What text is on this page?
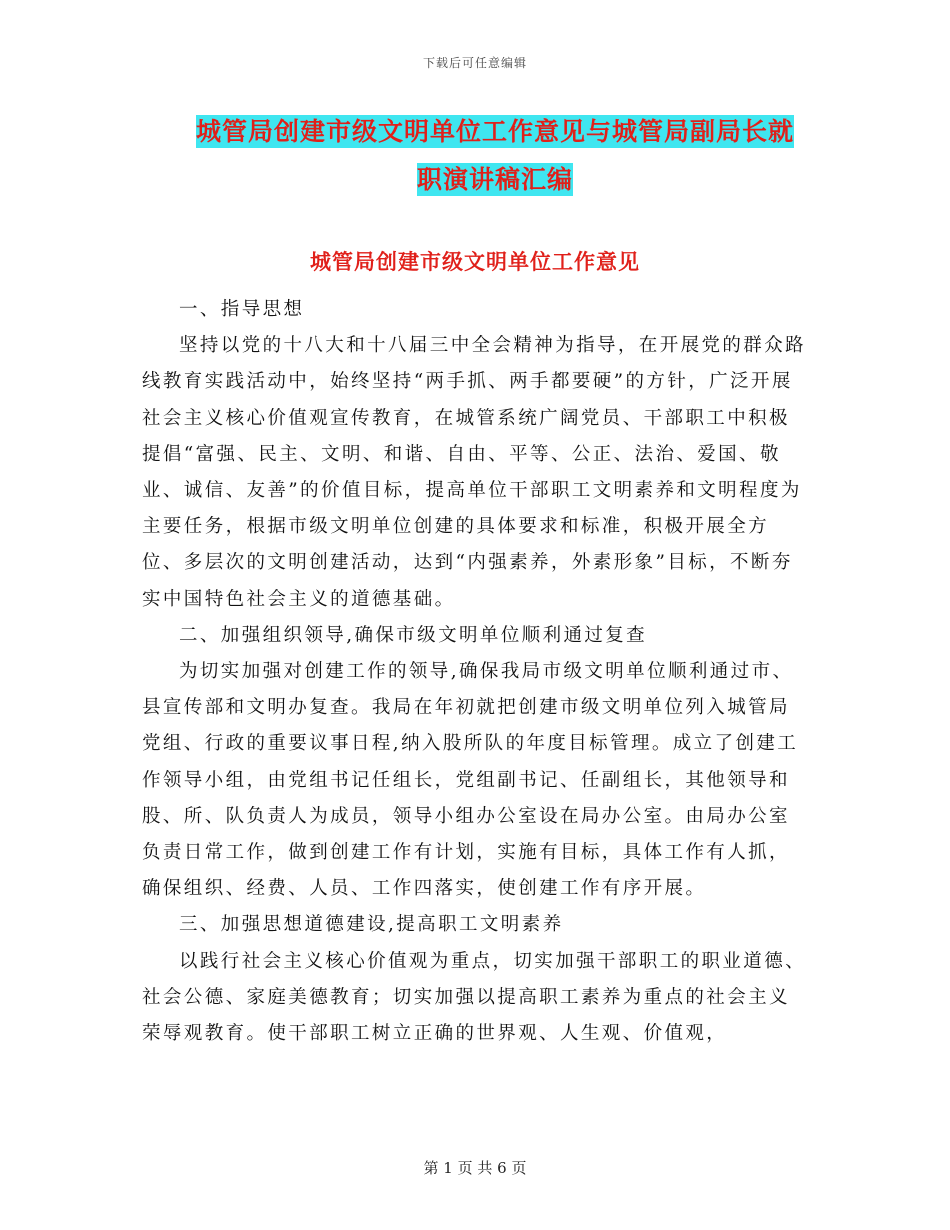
下载后可任意编辑
城管局创建市级文明单位工作意见与城管局副局长就
职演讲稿汇编
城管局创建市级文明单位工作意见

一、指导思想

坚持以党的十八大和十八届三中全会精神为指导，在开展党的群众路线教育实践活动中，始终坚持“两手抓、两手都要硬”的方针，广泛开展社会主义核心价值观宣传教育，在城管系统广阔党员、干部职工中积极提倡“富强、民主、文明、和谐、自由、平等、公正、法治、爱国、敬业、诚信、友善”的价值目标，提高单位干部职工文明素养和文明程度为主要任务，根据市级文明单位创建的具体要求和标准，积极开展全方位、多层次的文明创建活动，达到“内强素养，外素形象”目标，不断夯实中国特色社会主义的道德基础。

二、加强组织领导,确保市级文明单位顺利通过复查

为切实加强对创建工作的领导,确保我局市级文明单位顺利通过市、县宣传部和文明办复查。我局在年初就把创建市级文明单位列入城管局党组、行政的重要议事日程,纳入股所队的年度目标管理。成立了创建工作领导小组，由党组书记任组长，党组副书记、任副组长，其他领导和股、所、队负责人为成员，领导小组办公室设在局办公室。由局办公室负责日常工作，做到创建工作有计划，实施有目标，具体工作有人抓，确保组织、经费、人员、工作四落实，使创建工作有序开展。

三、加强思想道德建设,提高职工文明素养

以践行社会主义核心价值观为重点，切实加强干部职工的职业道德、社会公德、家庭美德教育；切实加强以提高职工素养为重点的社会主义荣辱观教育。使干部职工树立正确的世界观、人生观、价值观，

第 1 页 共 6 页
